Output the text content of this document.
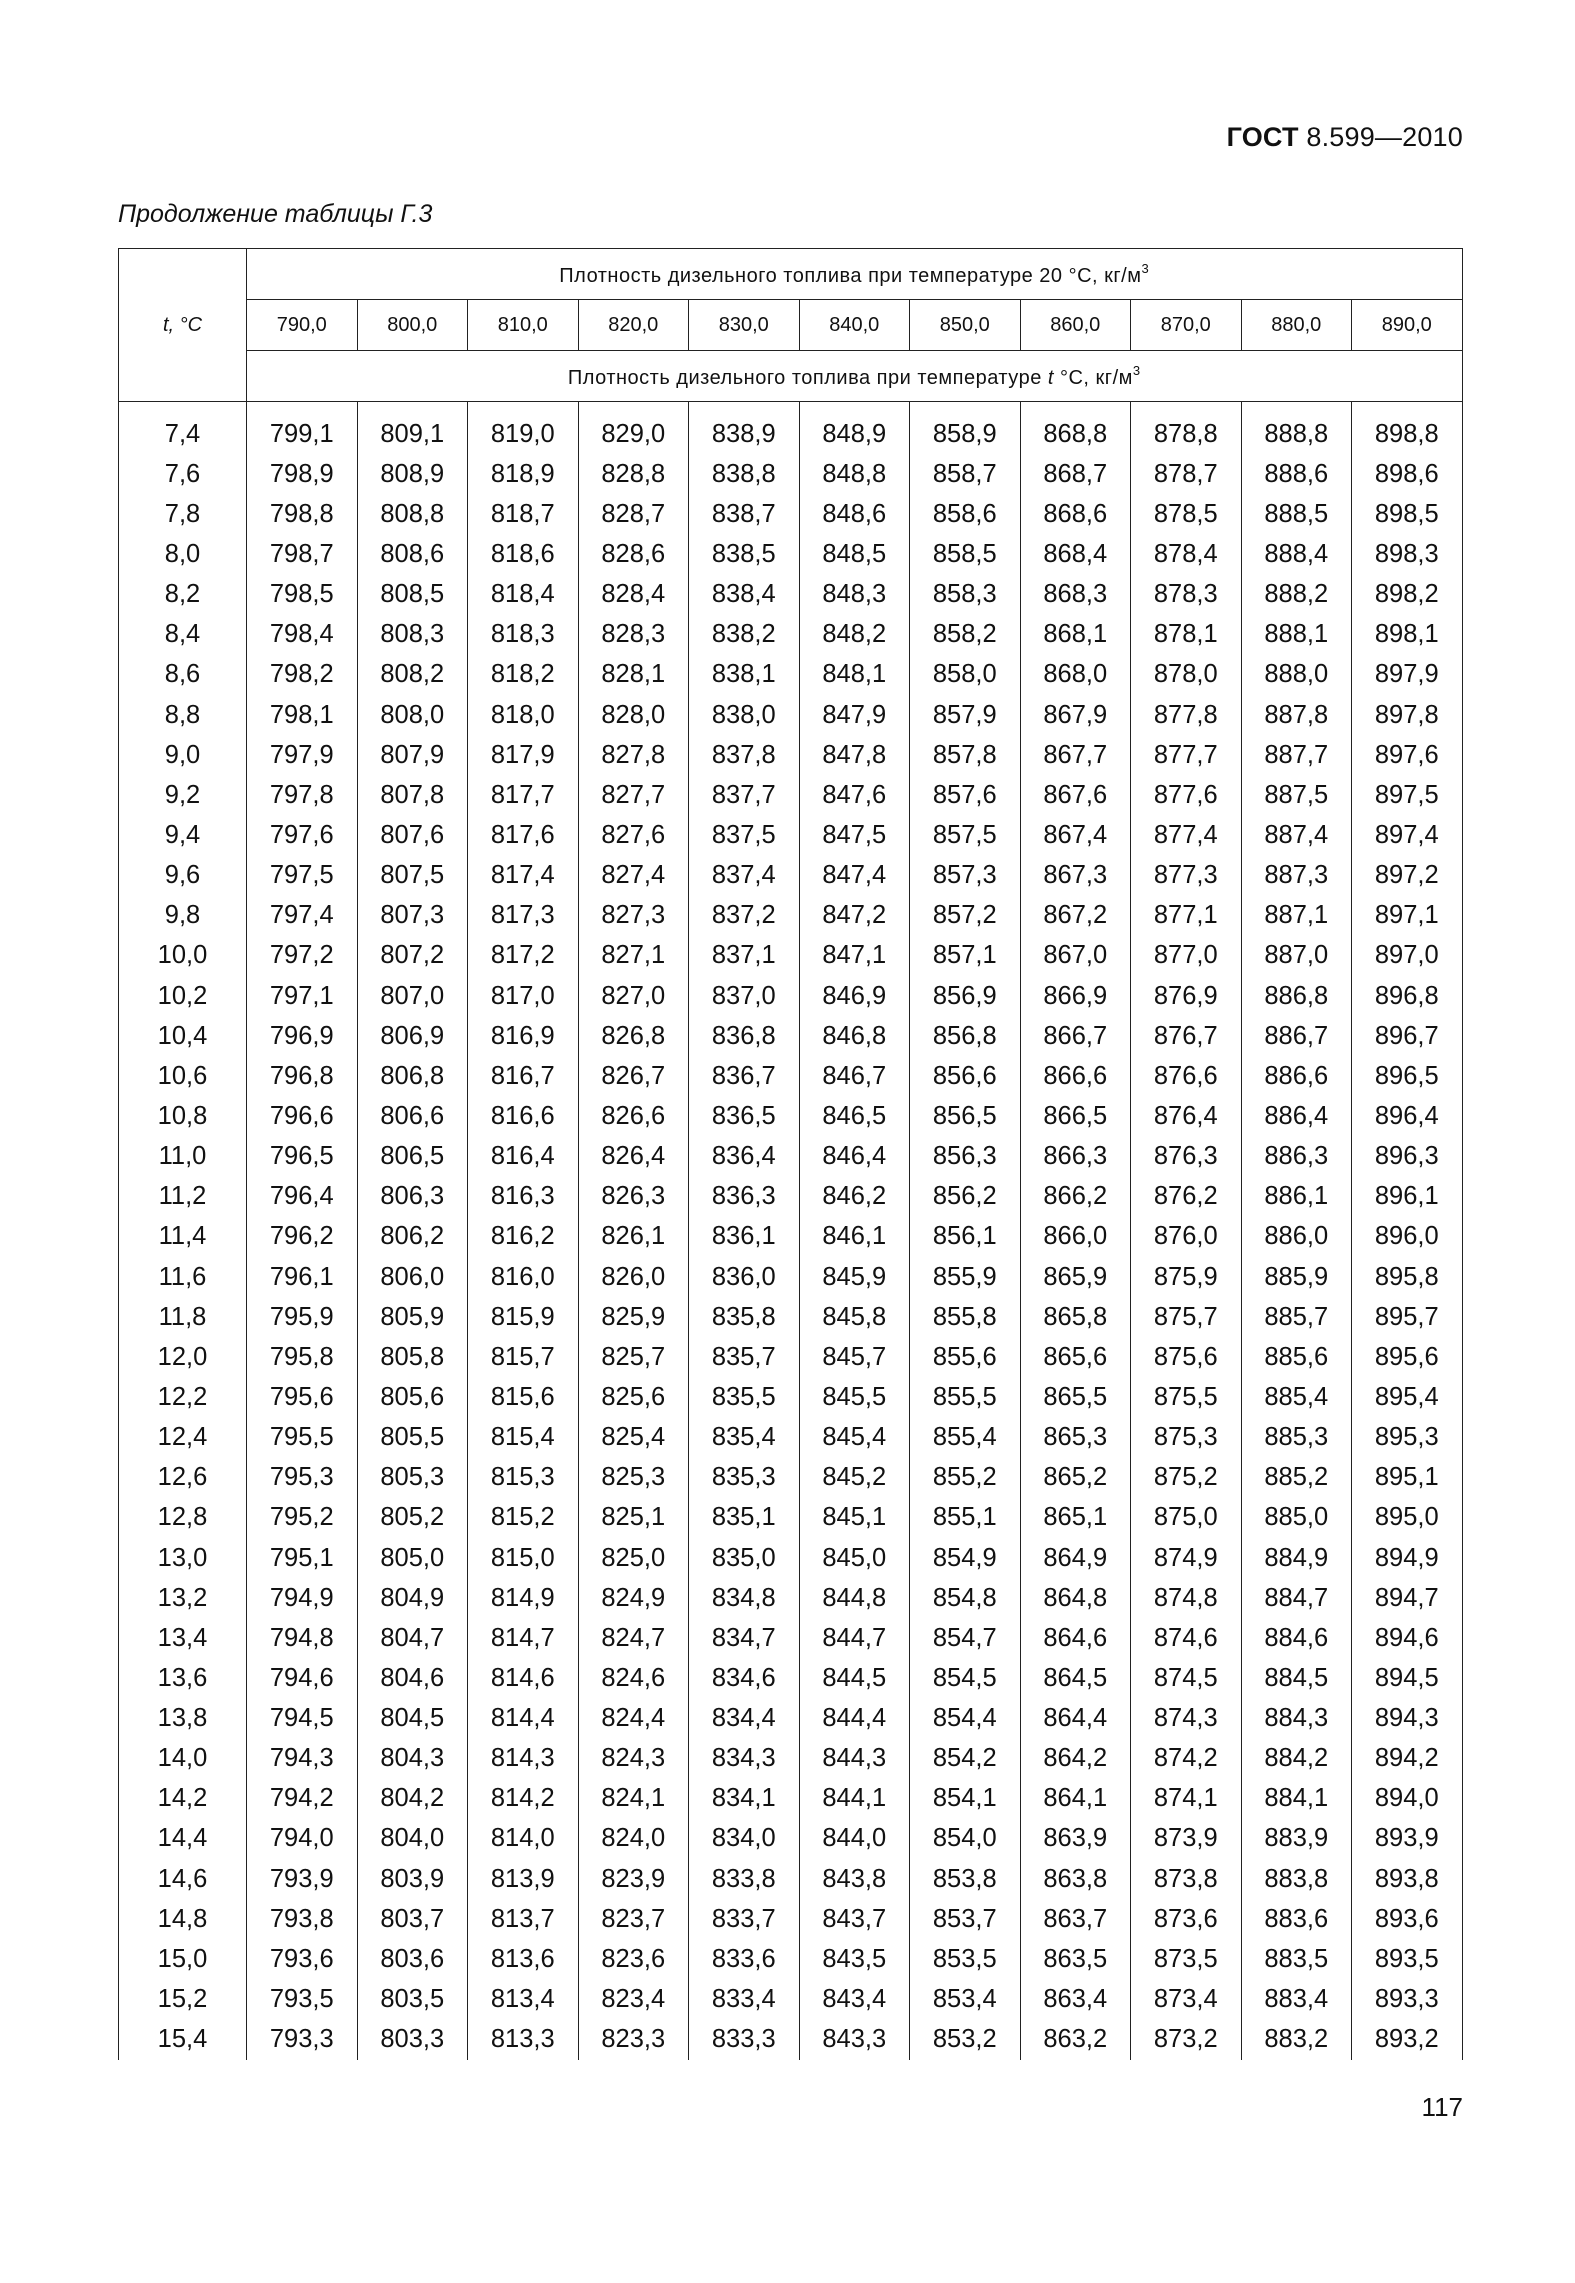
ГОСТ 8.599—2010
Продолжение таблицы Г.3
t, °C	Плотность дизельного топлива при температуре 20 °С, $кг/м^3$
	790,0	800,0	810,0	820,0	830,0	840,0	850,0	860,0	870,0	880,0	890,0
	Плотность дизельного топлива при температуре t °С, $кг/м^3$

7,4	799,1	809,1	819,0	829,0	838,9	848,9	858,9	868,8	878,8	888,8	898,8
7,6	798,9	808,9	818,9	828,8	838,8	848,8	858,7	868,7	878,7	888,6	898,6
7,8	798,8	808,8	818,7	828,7	838,7	848,6	858,6	868,6	878,5	888,5	898,5
8,0	798,7	808,6	818,6	828,6	838,5	848,5	858,5	868,4	878,4	888,4	898,3
8,2	798,5	808,5	818,4	828,4	838,4	848,3	858,3	868,3	878,3	888,2	898,2
8,4	798,4	808,3	818,3	828,3	838,2	848,2	858,2	868,1	878,1	888,1	898,1
8,6	798,2	808,2	818,2	828,1	838,1	848,1	858,0	868,0	878,0	888,0	897,9
8,8	798,1	808,0	818,0	828,0	838,0	847,9	857,9	867,9	877,8	887,8	897,8
9,0	797,9	807,9	817,9	827,8	837,8	847,8	857,8	867,7	877,7	887,7	897,6
9,2	797,8	807,8	817,7	827,7	837,7	847,6	857,6	867,6	877,6	887,5	897,5
9,4	797,6	807,6	817,6	827,6	837,5	847,5	857,5	867,4	877,4	887,4	897,4
9,6	797,5	807,5	817,4	827,4	837,4	847,4	857,3	867,3	877,3	887,3	897,2
9,8	797,4	807,3	817,3	827,3	837,2	847,2	857,2	867,2	877,1	887,1	897,1
10,0	797,2	807,2	817,2	827,1	837,1	847,1	857,1	867,0	877,0	887,0	897,0
10,2	797,1	807,0	817,0	827,0	837,0	846,9	856,9	866,9	876,9	886,8	896,8
10,4	796,9	806,9	816,9	826,8	836,8	846,8	856,8	866,7	876,7	886,7	896,7
10,6	796,8	806,8	816,7	826,7	836,7	846,7	856,6	866,6	876,6	886,6	896,5
10,8	796,6	806,6	816,6	826,6	836,5	846,5	856,5	866,5	876,4	886,4	896,4
11,0	796,5	806,5	816,4	826,4	836,4	846,4	856,3	866,3	876,3	886,3	896,3
11,2	796,4	806,3	816,3	826,3	836,3	846,2	856,2	866,2	876,2	886,1	896,1
11,4	796,2	806,2	816,2	826,1	836,1	846,1	856,1	866,0	876,0	886,0	896,0
11,6	796,1	806,0	816,0	826,0	836,0	845,9	855,9	865,9	875,9	885,9	895,8
11,8	795,9	805,9	815,9	825,9	835,8	845,8	855,8	865,8	875,7	885,7	895,7
12,0	795,8	805,8	815,7	825,7	835,7	845,7	855,6	865,6	875,6	885,6	895,6
12,2	795,6	805,6	815,6	825,6	835,5	845,5	855,5	865,5	875,5	885,4	895,4
12,4	795,5	805,5	815,4	825,4	835,4	845,4	855,4	865,3	875,3	885,3	895,3
12,6	795,3	805,3	815,3	825,3	835,3	845,2	855,2	865,2	875,2	885,2	895,1
12,8	795,2	805,2	815,2	825,1	835,1	845,1	855,1	865,1	875,0	885,0	895,0
13,0	795,1	805,0	815,0	825,0	835,0	845,0	854,9	864,9	874,9	884,9	894,9
13,2	794,9	804,9	814,9	824,9	834,8	844,8	854,8	864,8	874,8	884,7	894,7
13,4	794,8	804,7	814,7	824,7	834,7	844,7	854,7	864,6	874,6	884,6	894,6
13,6	794,6	804,6	814,6	824,6	834,6	844,5	854,5	864,5	874,5	884,5	894,5
13,8	794,5	804,5	814,4	824,4	834,4	844,4	854,4	864,4	874,3	884,3	894,3
14,0	794,3	804,3	814,3	824,3	834,3	844,3	854,2	864,2	874,2	884,2	894,2
14,2	794,2	804,2	814,2	824,1	834,1	844,1	854,1	864,1	874,1	884,1	894,0
14,4	794,0	804,0	814,0	824,0	834,0	844,0	854,0	863,9	873,9	883,9	893,9
14,6	793,9	803,9	813,9	823,9	833,8	843,8	853,8	863,8	873,8	883,8	893,8
14,8	793,8	803,7	813,7	823,7	833,7	843,7	853,7	863,7	873,6	883,6	893,6
15,0	793,6	803,6	813,6	823,6	833,6	843,5	853,5	863,5	873,5	883,5	893,5
15,2	793,5	803,5	813,4	823,4	833,4	843,4	853,4	863,4	873,4	883,4	893,3
15,4	793,3	803,3	813,3	823,3	833,3	843,3	853,2	863,2	873,2	883,2	893,2
117
